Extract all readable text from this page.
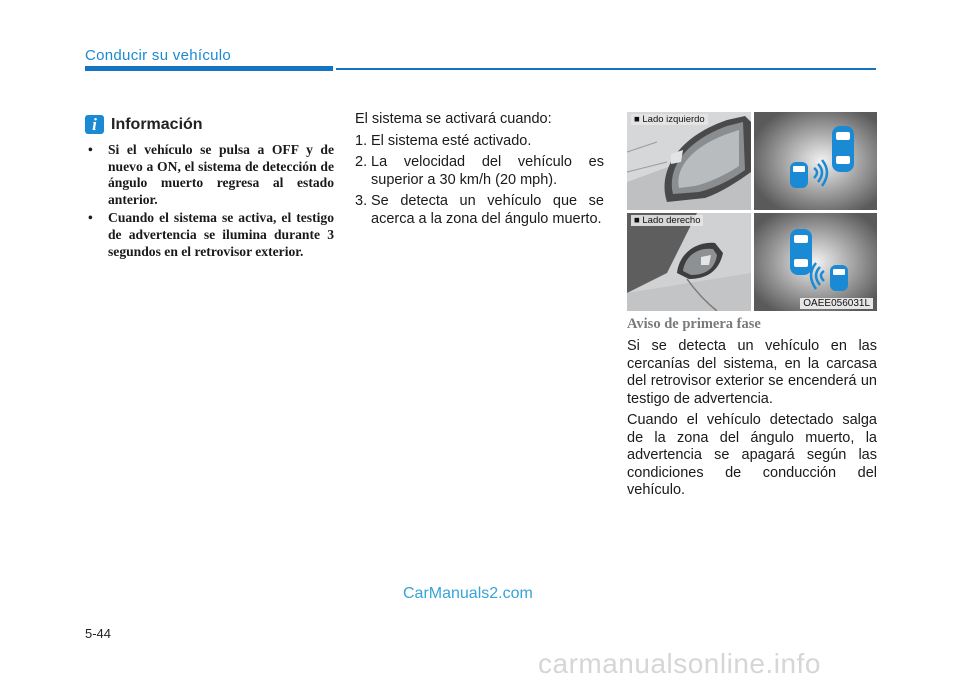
Conducir su vehículo
i Información
• Si el vehículo se pulsa a OFF y de nuevo a ON, el sistema de detección de ángulo muerto regresa al estado anterior.
• Cuando el sistema se activa, el testigo de advertencia se ilumina durante 3 segundos en el retrovisor exterior.

El sistema se activará cuando:

1. El sistema esté activado.
2. La velocidad del vehículo es superior a 30 km/h (20 mph).
3. Se detecta un vehículo que se acerca a la zona del ángulo muerto.
■ Lado izquierdo
■ Lado derecho
OAEE056031L

Aviso de primera fase

Si se detecta un vehículo en las cercanías del sistema, en la carcasa del retrovisor exterior se encenderá un testigo de advertencia.

Cuando el vehículo detectado salga de la zona del ángulo muerto, la advertencia se apagará según las condiciones de conducción del vehículo.

CarManuals2.com
5-44
carmanualsonline.info
